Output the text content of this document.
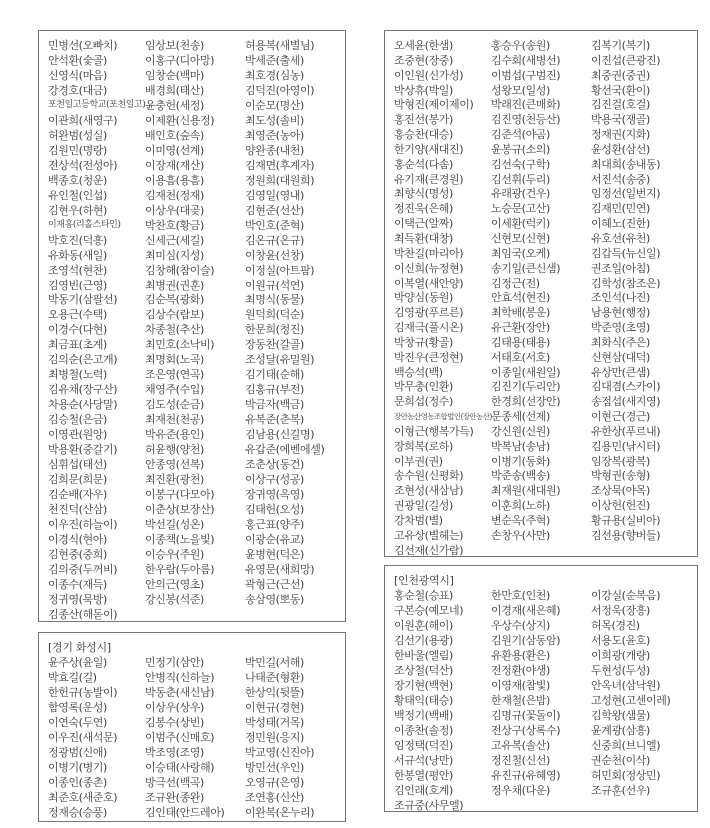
민병선(오빠치)	임상보(천송)	허용복(새별님)
안석환(숯골)	이홍구(디아망)	박세준(출세)
신영식(마음)	임창순(백마)	최호경(심농)
강경호(대금)	배경희(태산)	김덕진(아영이)
포천일고등학교(포천일고) 윤충헌(세정)	이순모(명산)
이관희(새영구)	이제환(신용정)	최도성(솔비)
허완범(성실)	배인호(숲속)	최영준(농아)
김원민(명랑)	이미영(선계)	양완종(내천)
전상석(전성아)	이장재(재산)	김재면(후계자)
백종호(청운)	이용흠(용흠)	정원희(대원희)
유인철(인섭)	김재천(정재)	김영일(영내)
김현우(하현)	이상우(대곶)	김현준(선산)
이재홍(리홀스타인)	박찬호(황금)	박인호(준혁)
박호진(덕흥)	신세근(세길)	김온규(온규)
유화동(새일)	최미심(지성)	이창윤(선창)
조영석(현찬)	김창해(참이슬)	이정실(아트팜)
김영빈(근영)	최병권(권훈)	이원규(석연)
박동기(삼팔선)	김순복(광화)	최명식(동물)
오용근(수택)	김상수(람보)	원덕희(덕순)
이경수(다현)	차종철(추산)	한문희(청진)
최금표(초계)	최민호(소낙비)	장동찬(갈골)
김의순(은고개)	최명회(노곡)	조성달(유밀원)
최병철(노력)	조은영(연곡)	김기태(순해)
김유채(장구산)	채영주(수입)	김홍규(부전)
차용순(사당말)	김도성(순금)	박금자(백금)
김승철(은금)	최재천(천공)	유복준(춘복)
이영관(원앙)	박유준(용인)	김남용(신길명)
박용환(중갈기)	허윤행(양천)	유갑준(에벤에셀)
심휘섭(태선)	안종영(선복)	조춘상(동건)
김희문(희문)	최진환(광천)	이상구(성공)
김순배(자우)	이봉구(다모아)	장귀영(옥영)
천진덕(산삼)	이춘상(보장산)	김태헌(오성)
이우진(하늘이)	박선길(성온)	홍근표(양주)
이경식(현아)	이종책(노을빛)	이광순(유교)
김현중(중희)	이승우(주원)	윤병현(덕은)
김의중(두꺼비)	한우람(두아름)	유영문(새희망)
이종수(재득)	안의근(영초)	곽형근(근선)
정귀영(묵방)	강신봉(석준)	송삼영(뽀동)
김종산(해돋이)
오세윤(한샘)	홍승우(송원)	김복기(복기)
조중현(장중)	김수회(새병선)	이진섭(큰광진)
이인원(신가성)	이범섭(구범진)	최중권(중권)
박상휴(박일)	성왕모(일성)	황선국(환이)
박형진(제이제이)	박래진(큰매화)	김진걸(호걸)
홍진선(봉가)	김진영(천등산)	박용국(쟁골)
홍승찬(대승)	김준석(야곰)	정재권(지화)
한기양(새대진)	윤봉규(소의)	윤성환(삼선)
홍순석(다솜)	김선숙(구학)	최대희(송내동)
유기재(큰경원)	김선휘(두리)	서진석(송중)
최향식(명성)	유래광(건우)	임정선(일번지)
정진욱(은혜)	노승문(고산)	김재민(민연)
이택근(알짜)	이세환(럭키)	이혜노(진한)
최득환(대창)	신현모(신현)	유호선(유천)
박찬길(마리아)	최임국(오케)	김갑득(뉴신일)
이신희(뉴정현)	송기일(큰신샘)	권조일(아침)
이복열(새안양)	김정근(전)	김학성(참조은)
박양심(동원)	안효석(현진)	조인석(나진)
김영광(푸르른)	최학배(봉운)	남용현(행정)
김재극(풀시온)	유근환(장안)	박준영(초영)
박창규(황골)	김태용(태용)	최화식(주은)
박진우(큰정현)	서태호(서호)	신현삼(대덕)
백승석(백)	이종일(새원일)	유상만(큰샘)
박무충(인환)	김진기(두리안)	김대겸(스카이)
문희섭(정수)	한경희(선장안)	송점섭(새지영)
장안농산영농조합법인(장안농산) 문종세(선제)	이현근(경근)
이형근(행복가득)	강신원(신원)	유한상(푸르내)
장희복(로하)	박복남(송남)	김용민(낚시터)
이부권(권)	이병기(동화)	임장복(광복)
송수원(신평화)	박준송(백송)	박형권(송형)
조현성(새삼남)	최재원(새대원)	조상묵(야목)
권광일(길성)	이훈희(노하)	이상헌(헌진)
강차범(별)	변순옥(주혁)	황규용(실비아)
고유상(별헤는)	손창우(사만)	김선용(향버들)
김선재(신가람)
[경기 화성시]
윤주상(윤일)	민정기(삼안)	박민길(서해)
박효길(길)	안병직(신하늘)	나태준(형환)
한헌규(농발이)	박동춘(새신남)	한상익(뒷뜰)
함영록(운성)	이상우(상우)	이현규(경현)
이연숙(두연)	김봉수(상빈)	박성태(거목)
이우진(새석문)	이범주(신매호)	정민원(응지)
정광범(신애)	박조영(조영)	박교영(신진아)
이병기(병기)	이승태(사랑해)	방민선(우인)
이종인(종촌)	방극선(백곡)	오영규(은영)
최준호(새준호)	조규완(종완)	조연홍(신산)
정재승(승풍)	김인태(안드레아)	이완복(온누리)
[인천광역시]
홍순철(승표)	한만호(인천)	이강실(순복음)
구본승(예모네)	이경재(새은혜)	서정욱(장흥)
이원훈(해이)	우상수(상지)	허목(경진)
김선기(용광)	김원기(삼동암)	서용도(윤호)
한바울(엘림)	유환용(환은)	이희광(개량)
조상철(덕산)	전정환(야생)	두현성(두성)
장기현(백현)	이영재(참빛)	안옥녀(삼낙원)
황태익(태승)	한재철(은밤)	고성현(고센이레)
백정기(백배)	김명규(꽃돌이)	김학왕(샘물)
이종찬(솔정)	전상구(상록수)	윤계광(삼흥)
임정택(덕진)	고유복(솔산)	신중희(브니엘)
서규석(낭만)	정진철(신선)	권순천(이삭)
한봉열(평안)	유진규(유혜영)	허민회(정상민)
김인래(호계)	정우채(다운)	조규훈(선우)
조규중(사무엘)
